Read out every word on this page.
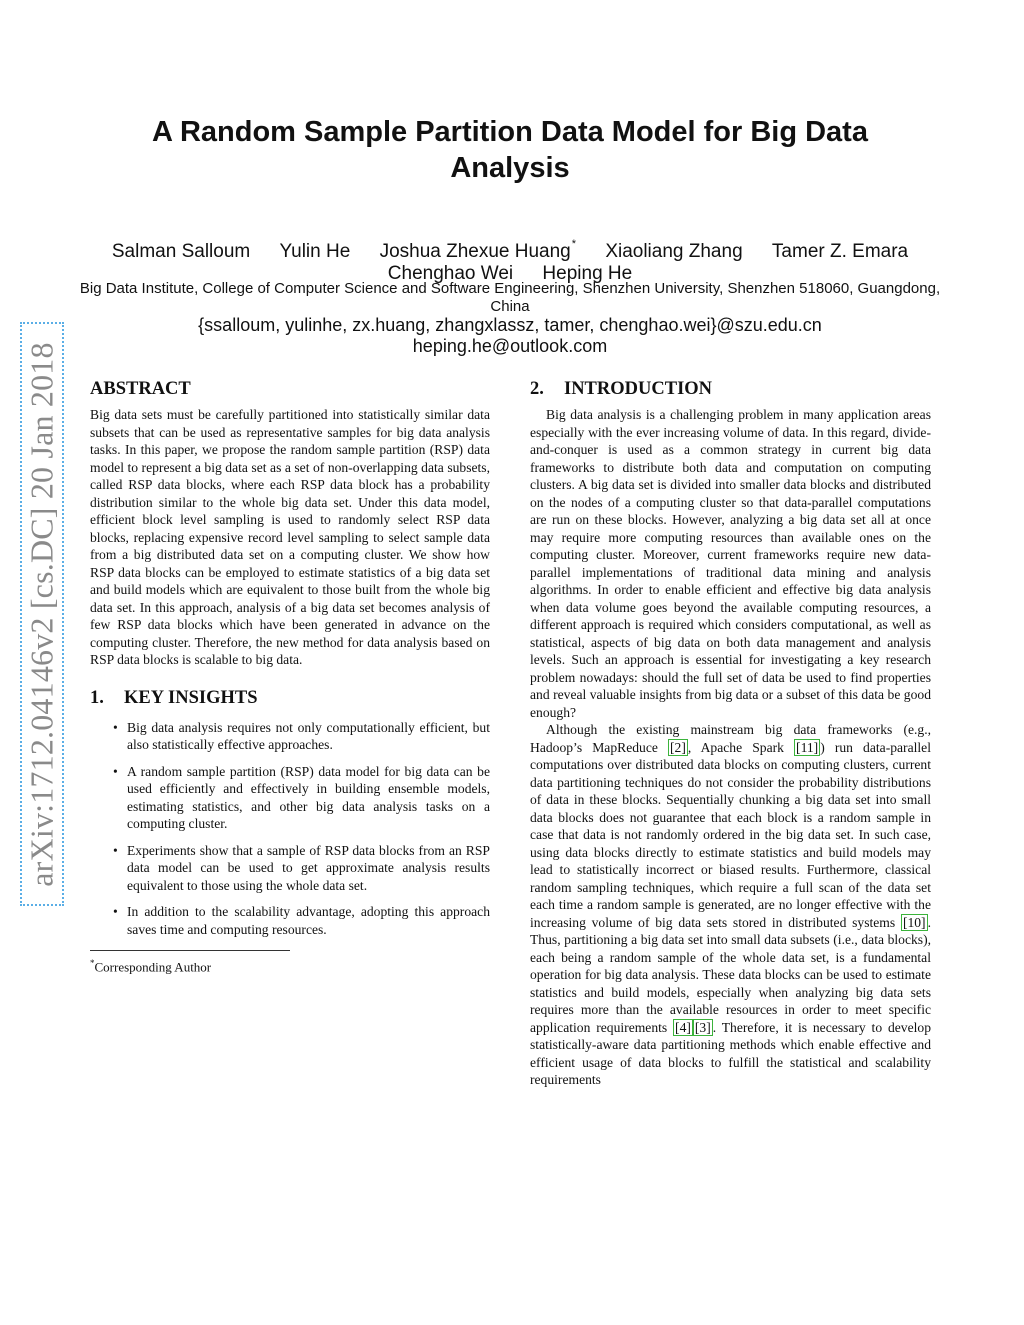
arXiv:1712.04146v2 [cs.DC] 20 Jan 2018
A Random Sample Partition Data Model for Big Data Analysis
Salman Salloum Yulin He Joshua Zhexue Huang* Xiaoliang Zhang Tamer Z. Emara
Chenghao Wei Heping He
Big Data Institute, College of Computer Science and Software Engineering, Shenzhen University, Shenzhen 518060, Guangdong, China
{ssalloum, yulinhe, zx.huang, zhangxlassz, tamer, chenghao.wei}@szu.edu.cn
heping.he@outlook.com
ABSTRACT

Big data sets must be carefully partitioned into statistically similar data subsets that can be used as representative samples for big data analysis tasks. In this paper, we propose the random sample partition (RSP) data model to represent a big data set as a set of non-overlapping data subsets, called RSP data blocks, where each RSP data block has a probability distribution similar to the whole big data set. Under this data model, efficient block level sampling is used to randomly select RSP data blocks, replacing expensive record level sampling to select sample data from a big distributed data set on a computing cluster. We show how RSP data blocks can be employed to estimate statistics of a big data set and build models which are equivalent to those built from the whole big data set. In this approach, analysis of a big data set becomes analysis of few RSP data blocks which have been generated in advance on the computing cluster. Therefore, the new method for data analysis based on RSP data blocks is scalable to big data.

1. KEY INSIGHTS
• Big data analysis requires not only computationally efficient, but also statistically effective approaches.
• A random sample partition (RSP) data model for big data can be used efficiently and effectively in building ensemble models, estimating statistics, and other big data analysis tasks on a computing cluster.
• Experiments show that a sample of RSP data blocks from an RSP data model can be used to get approximate analysis results equivalent to those using the whole data set.
• In addition to the scalability advantage, adopting this approach saves time and computing resources.
*Corresponding Author
2. INTRODUCTION

Big data analysis is a challenging problem in many application areas especially with the ever increasing volume of data. In this regard, divide-and-conquer is used as a common strategy in current big data frameworks to distribute both data and computation on computing clusters. A big data set is divided into smaller data blocks and distributed on the nodes of a computing cluster so that data-parallel computations are run on these blocks. However, analyzing a big data set all at once may require more computing resources than available ones on the computing cluster. Moreover, current frameworks require new data-parallel implementations of traditional data mining and analysis algorithms. In order to enable efficient and effective big data analysis when data volume goes beyond the available computing resources, a different approach is required which considers computational, as well as statistical, aspects of big data on both data management and analysis levels. Such an approach is essential for investigating a key research problem nowadays: should the full set of data be used to find properties and reveal valuable insights from big data or a subset of this data be good enough?

Although the existing mainstream big data frameworks (e.g., Hadoop’s MapReduce [2] , Apache Spark [11] ) run data-parallel computations over distributed data blocks on computing clusters, current data partitioning techniques do not consider the probability distributions of data in these blocks. Sequentially chunking a big data set into small data blocks does not guarantee that each block is a random sample in case that data is not randomly ordered in the big data set. In such case, using data blocks directly to estimate statistics and build models may lead to statistically incorrect or biased results. Furthermore, classical random sampling techniques, which require a full scan of the data set each time a random sample is generated, are no longer effective with the increasing volume of big data sets stored in distributed systems [10] . Thus, partitioning a big data set into small data subsets (i.e., data blocks), each being a random sample of the whole data set, is a fundamental operation for big data analysis. These data blocks can be used to estimate statistics and build models, especially when analyzing big data sets requires more than the available resources in order to meet specific application requirements [4] [3] . Therefore, it is necessary to develop statistically-aware data partitioning methods which enable effective and efficient usage of data blocks to fulfill the statistical and scalability requirements
